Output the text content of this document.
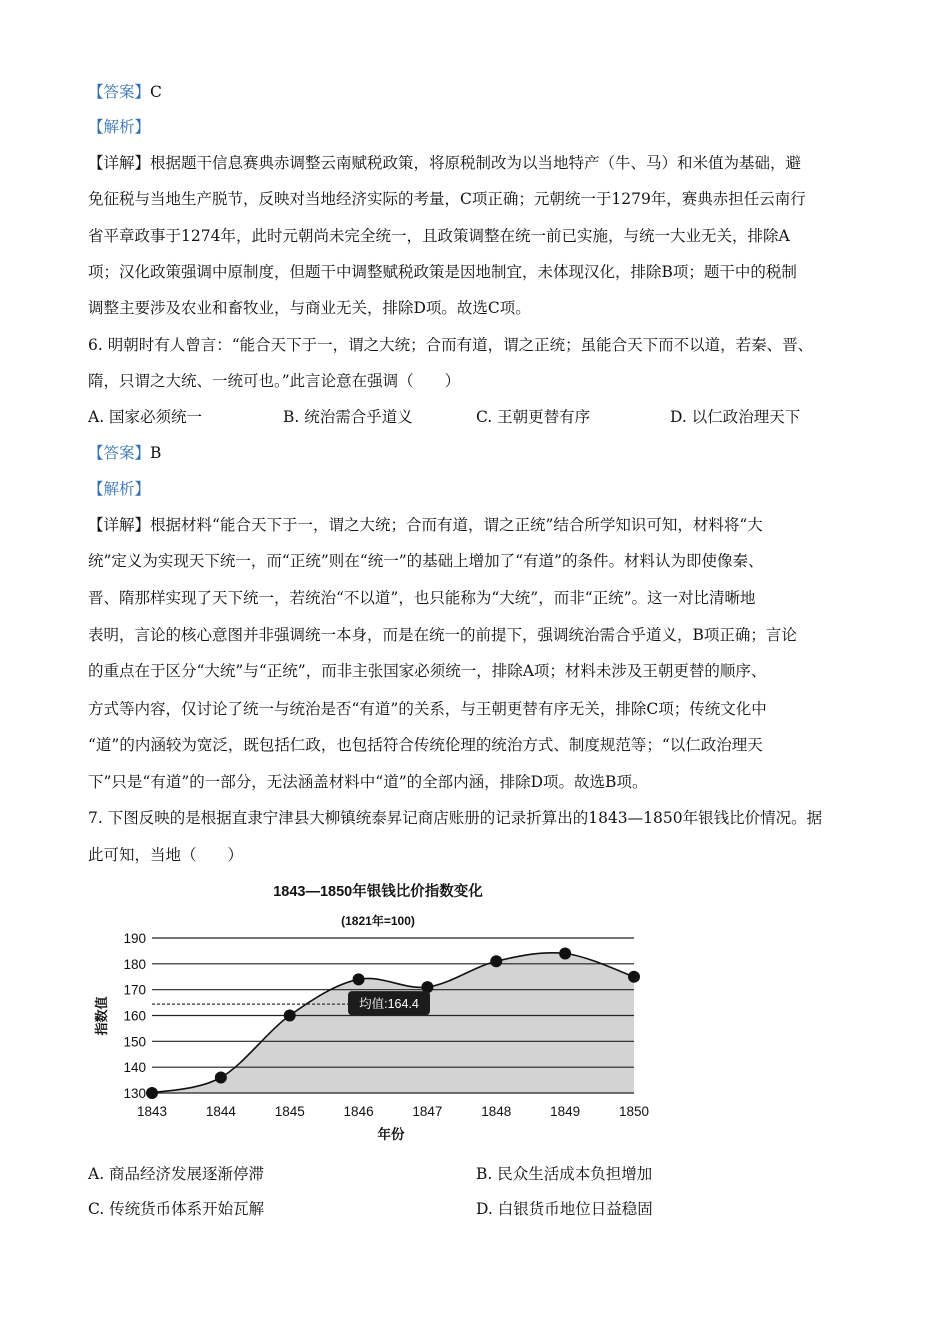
【答案】C
【解析】
【详解】根据题干信息赛典赤调整云南赋税政策，将原税制改为以当地特产（牛、马）和米值为基础，避
免征税与当地生产脱节，反映对当地经济实际的考量，C项正确；元朝统一于1279年，赛典赤担任云南行
省平章政事于1274年，此时元朝尚未完全统一，且政策调整在统一前已实施，与统一大业无关，排除A
项；汉化政策强调中原制度，但题干中调整赋税政策是因地制宜，未体现汉化，排除B项；题干中的税制
调整主要涉及农业和畜牧业，与商业无关，排除D项。故选C项。
6. 明朝时有人曾言：“能合天下于一，谓之大统；合而有道，谓之正统；虽能合天下而不以道，若秦、晋、
隋，只谓之大统、一统可也。”此言论意在强调（　　）
A. 国家必须统一	B. 统治需合乎道义	C. 王朝更替有序	D. 以仁政治理天下
【答案】B
【解析】
【详解】根据材料“能合天下于一，谓之大统；合而有道，谓之正统”结合所学知识可知，材料将“大
统”定义为实现天下统一，而“正统”则在“统一”的基础上增加了“有道”的条件。材料认为即使像秦、
晋、隋那样实现了天下统一，若统治“不以道”，也只能称为“大统”，而非“正统”。这一对比清晰地
表明，言论的核心意图并非强调统一本身，而是在统一的前提下，强调统治需合乎道义，B项正确；言论
的重点在于区分“大统”与“正统”，而非主张国家必须统一，排除A项；材料未涉及王朝更替的顺序、
方式等内容，仅讨论了统一与统治是否“有道”的关系，与王朝更替有序无关，排除C项；传统文化中
“道”的内涵较为宽泛，既包括仁政，也包括符合传统伦理的统治方式、制度规范等；“以仁政治理天
下”只是“有道”的一部分，无法涵盖材料中“道”的全部内涵，排除D项。故选B项。
7. 下图反映的是根据直隶宁津县大柳镇统泰昇记商店账册的记录折算出的1843—1850年银钱比价情况。据
此可知，当地（　　）
1843—1850年银钱比价指数变化
(1821年=100)
130
140
150
160
170
180
190
均值:164.4
1843	1844	1845	1846	1847	1848	1849	1850
指数值
年份
A. 商品经济发展逐渐停滞	B. 民众生活成本负担增加
C. 传统货币体系开始瓦解	D. 白银货币地位日益稳固
